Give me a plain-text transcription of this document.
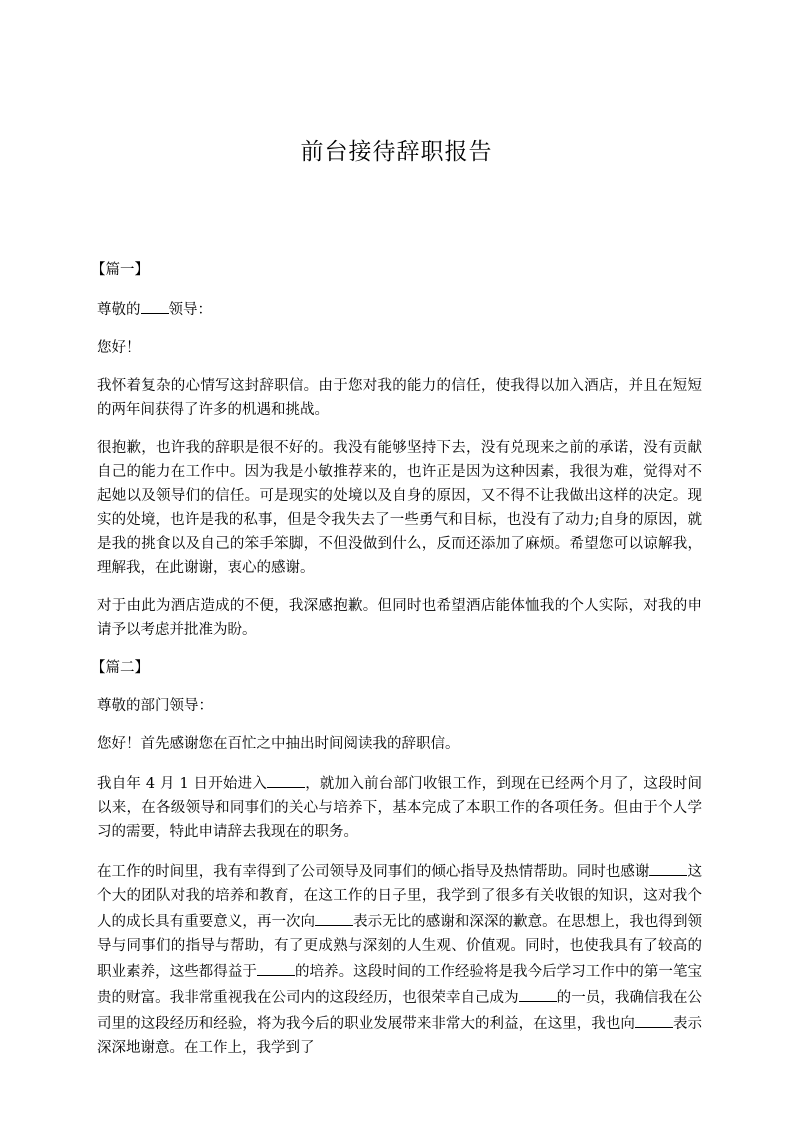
前台接待辞职报告

【篇一】

尊敬的 领导：

您好！

我怀着复杂的心情写这封辞职信。由于您对我的能力的信任，使我得以加入酒店，并且在短短的两年间获得了许多的机遇和挑战。

很抱歉，也许我的辞职是很不好的。我没有能够坚持下去，没有兑现来之前的承诺，没有贡献自己的能力在工作中。因为我是小敏推荐来的，也许正是因为这种因素，我很为难，觉得对不起她以及领导们的信任。可是现实的处境以及自身的原因，又不得不让我做出这样的决定。现实的处境，也许是我的私事，但是令我失去了一些勇气和目标，也没有了动力;自身的原因，就是我的挑食以及自己的笨手笨脚，不但没做到什么，反而还添加了麻烦。希望您可以谅解我，理解我，在此谢谢，衷心的感谢。

对于由此为酒店造成的不便，我深感抱歉。但同时也希望酒店能体恤我的个人实际，对我的申请予以考虑并批准为盼。

【篇二】

尊敬的部门领导：

您好！首先感谢您在百忙之中抽出时间阅读我的辞职信。

我自年 4 月 1 日开始进入	，就加入前台部门收银工作，到现在已经两个月了，这段时间以来，在各级领导和同事们的关心与培养下，基本完成了本职工作的各项任务。但由于个人学习的需要，特此申请辞去我现在的职务。

在工作的时间里，我有幸得到了公司领导及同事们的倾心指导及热情帮助。同时也感谢	这个大的团队对我的培养和教育，在这工作的日子里，我学到了很多有关收银的知识，这对我个人的成长具有重要意义，再一次向	表示无比的感谢和深深的歉意。在思想上，我也得到领导与同事们的指导与帮助，有了更成熟与深刻的人生观、价值观。同时，也使我具有了较高的职业素养，这些都得益于	的培养。这段时间的工作经验将是我今后学习工作中的第一笔宝贵的财富。我非常重视我在公司内的这段经历，也很荣幸自己成为	的一员，我确信我在公司里的这段经历和经验，将为我今后的职业发展带来非常大的利益，在这里，我也向	表示深深地谢意。在工作上，我学到了
